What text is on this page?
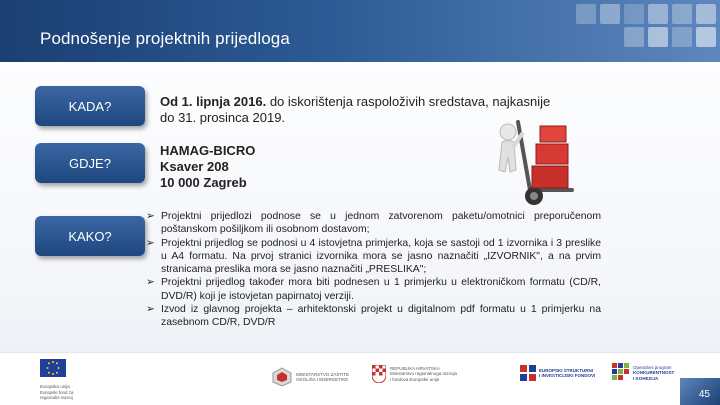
Podnošenje projektnih prijedloga
KADA?
GDJE?
KAKO?
Od 1. lipnja 2016. do iskorištenja raspoloživih sredstava, najkasnije
do 31. prosinca 2019.
HAMAG-BICRO
Ksaver 208
10 000 Zagreb
➢ Projektni prijedlozi podnose se u jednom zatvorenom paketu/omotnici preporučenom poštanskom pošiljkom ili osobnom dostavom;
➢ Projektni prijedlog se podnosi u 4 istovjetna primjerka, koja se sastoji od 1 izvornika i 3 preslike u A4 formatu. Na prvoj stranici izvornika mora se jasno naznačiti „IZVORNIK", a na prvim stranicama preslika mora se jasno naznačiti „PRESLIKA";
➢ Projektni prijedlog također mora biti podnesen u 1 primjerku u elektroničkom formatu (CD/R, DVD/R) koji je istovjetan papirnatoj verziji.
➢ Izvod iz glavnog projekta – arhitektonski projekt u digitalnom pdf formatu u 1 primjerku na zasebnom CD/R, DVD/R
Europska unija Europski fond za regionalni razvoj
MINISTARSTVO ZAŠTITE OKOLIŠA I ENERGETIKE
REPUBLIKA HRVATSKA
Ministarstvo regionalnoga razvoja
i fondova Europske unije
EUROPSKI STRUKTURNI
I INVESTICIJSKI FONDOVI
Operativni program
KONKURENTNOST
I KOHEZIJA
45
